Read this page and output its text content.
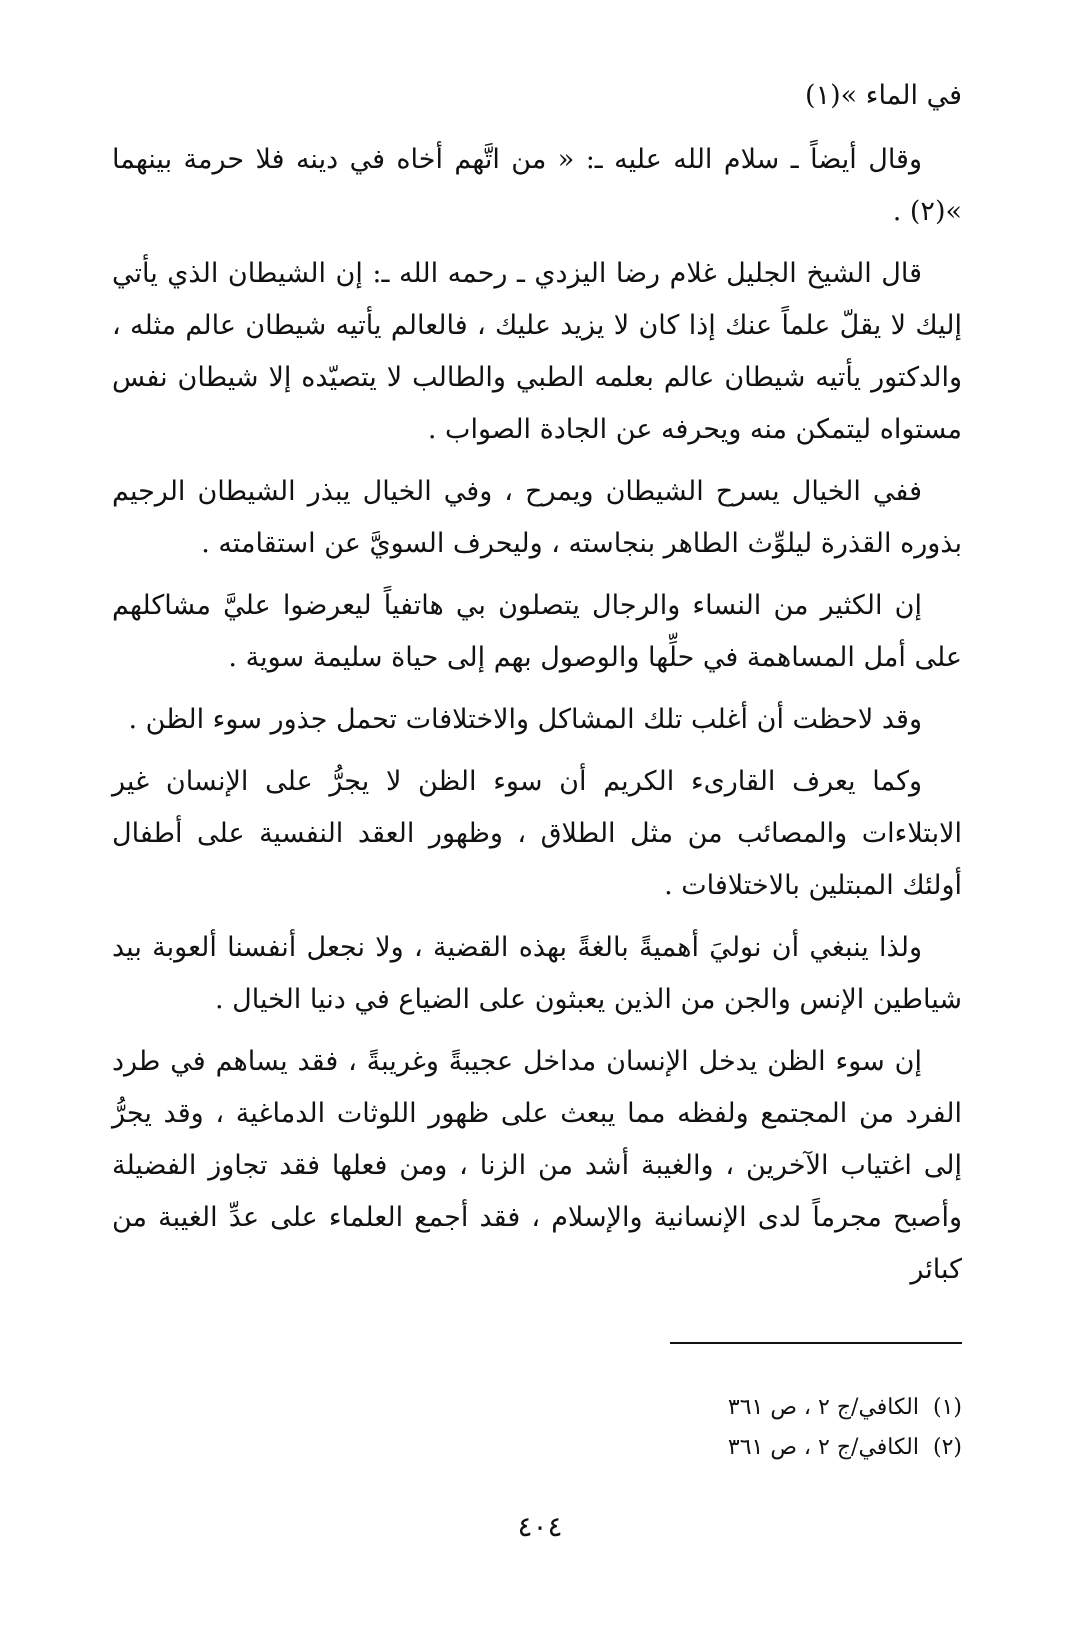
في الماء »(١)

وقال أيضاً ـ سلام الله عليه ـ: « من اتَّهم أخاه في دينه فلا حرمة بينهما »(٢) .

قال الشيخ الجليل غلام رضا اليزدي ـ رحمه الله ـ: إن الشيطان الذي يأتي إليك لا يقلّ علماً عنك إذا كان لا يزيد عليك ، فالعالم يأتيه شيطان عالم مثله ، والدكتور يأتيه شيطان عالم بعلمه الطبي والطالب لا يتصيّده إلا شيطان نفس مستواه ليتمكن منه ويحرفه عن الجادة الصواب .

ففي الخيال يسرح الشيطان ويمرح ، وفي الخيال يبذر الشيطان الرجيم بذوره القذرة ليلوِّث الطاهر بنجاسته ، وليحرف السويَّ عن استقامته .

إن الكثير من النساء والرجال يتصلون بي هاتفياً ليعرضوا عليَّ مشاكلهم على أمل المساهمة في حلِّها والوصول بهم إلى حياة سليمة سوية .

وقد لاحظت أن أغلب تلك المشاكل والاختلافات تحمل جذور سوء الظن .

وكما يعرف القارىء الكريم أن سوء الظن لا يجرُّ على الإنسان غير الابتلاءات والمصائب من مثل الطلاق ، وظهور العقد النفسية على أطفال أولئك المبتلين بالاختلافات .

ولذا ينبغي أن نوليَ أهميةً بالغةً بهذه القضية ، ولا نجعل أنفسنا ألعوبة بيد شياطين الإنس والجن من الذين يعبثون على الضياع في دنيا الخيال .

إن سوء الظن يدخل الإنسان مداخل عجيبةً وغريبةً ، فقد يساهم في طرد الفرد من المجتمع ولفظه مما يبعث على ظهور اللوثات الدماغية ، وقد يجرُّ إلى اغتياب الآخرين ، والغيبة أشد من الزنا ، ومن فعلها فقد تجاوز الفضيلة وأصبح مجرماً لدى الإنسانية والإسلام ، فقد أجمع العلماء على عدِّ الغيبة من كبائر

(١)الكافي/ج ٢ ، ص ٣٦١
(٢)الكافي/ج ٢ ، ص ٣٦١
٤٠٤
